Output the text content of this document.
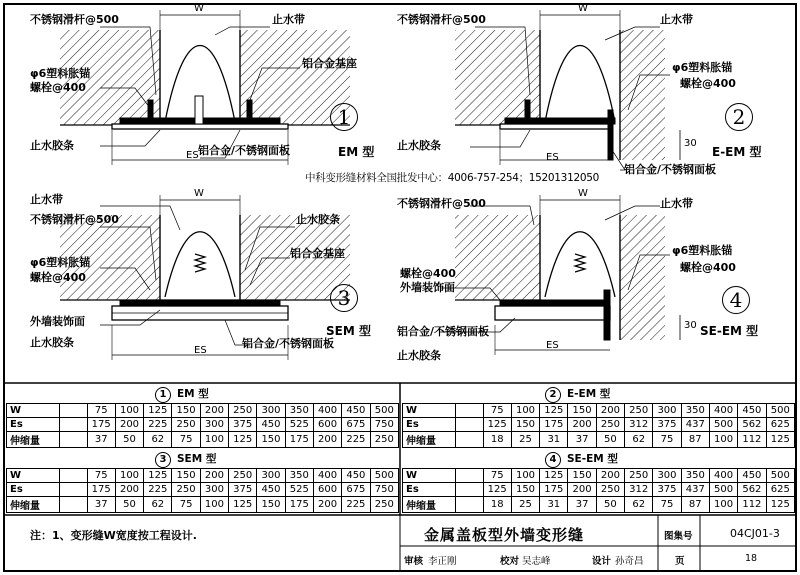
不锈钢滑杆@500	止水带
铝合金基座
φ6塑料胀锚
螺栓@400
止水胶条	铝合金/不锈钢面板
W
ES
1
EM 型
不锈钢滑杆@500	止水带
φ6塑料胀锚
螺栓@400
止水胶条
铝合金/不锈钢面板
W
ES
30
2
E-EM 型
中科变形缝材料全国批发中心：4006-757-254；15201312050
止水带
不锈钢滑杆@500	止水胶条
铝合金基座
φ6塑料胀锚
螺栓@400
外墙装饰面
止水胶条	铝合金/不锈钢面板
W
ES
3
SEM 型
不锈钢滑杆@500	止水带
φ6塑料胀锚
螺栓@400
螺栓@400
外墙装饰面
铝合金/不锈钢面板
止水胶条
W
ES
30
4
SE-EM 型
1 EM 型	2 E-EM 型
3 SEM 型	4 SE-EM 型
W		75	100	125	150	200	250	300	350	400	450	500
Es		175	200	225	250	300	375	450	525	600	675	750
伸缩量		37	50	62	75	100	125	150	175	200	225	250
W		75	100	125	150	200	250	300	350	400	450	500
Es		125	150	175	200	250	312	375	437	500	562	625
伸缩量		18	25	31	37	50	62	75	87	100	112	125
W		75	100	125	150	200	250	300	350	400	450	500
Es		175	200	225	250	300	375	450	525	600	675	750
伸缩量		37	50	62	75	100	125	150	175	200	225	250
W		75	100	125	150	200	250	300	350	400	450	500
Es		125	150	175	200	250	312	375	437	500	562	625
伸缩量		18	25	31	37	50	62	75	87	100	112	125
注：1、变形缝W宽度按工程设计.	金属盖板型外墙变形缝	图集号	04CJ01-3
审核 李正刚	校对 吴志峰	设计 孙奇昌	页	18
